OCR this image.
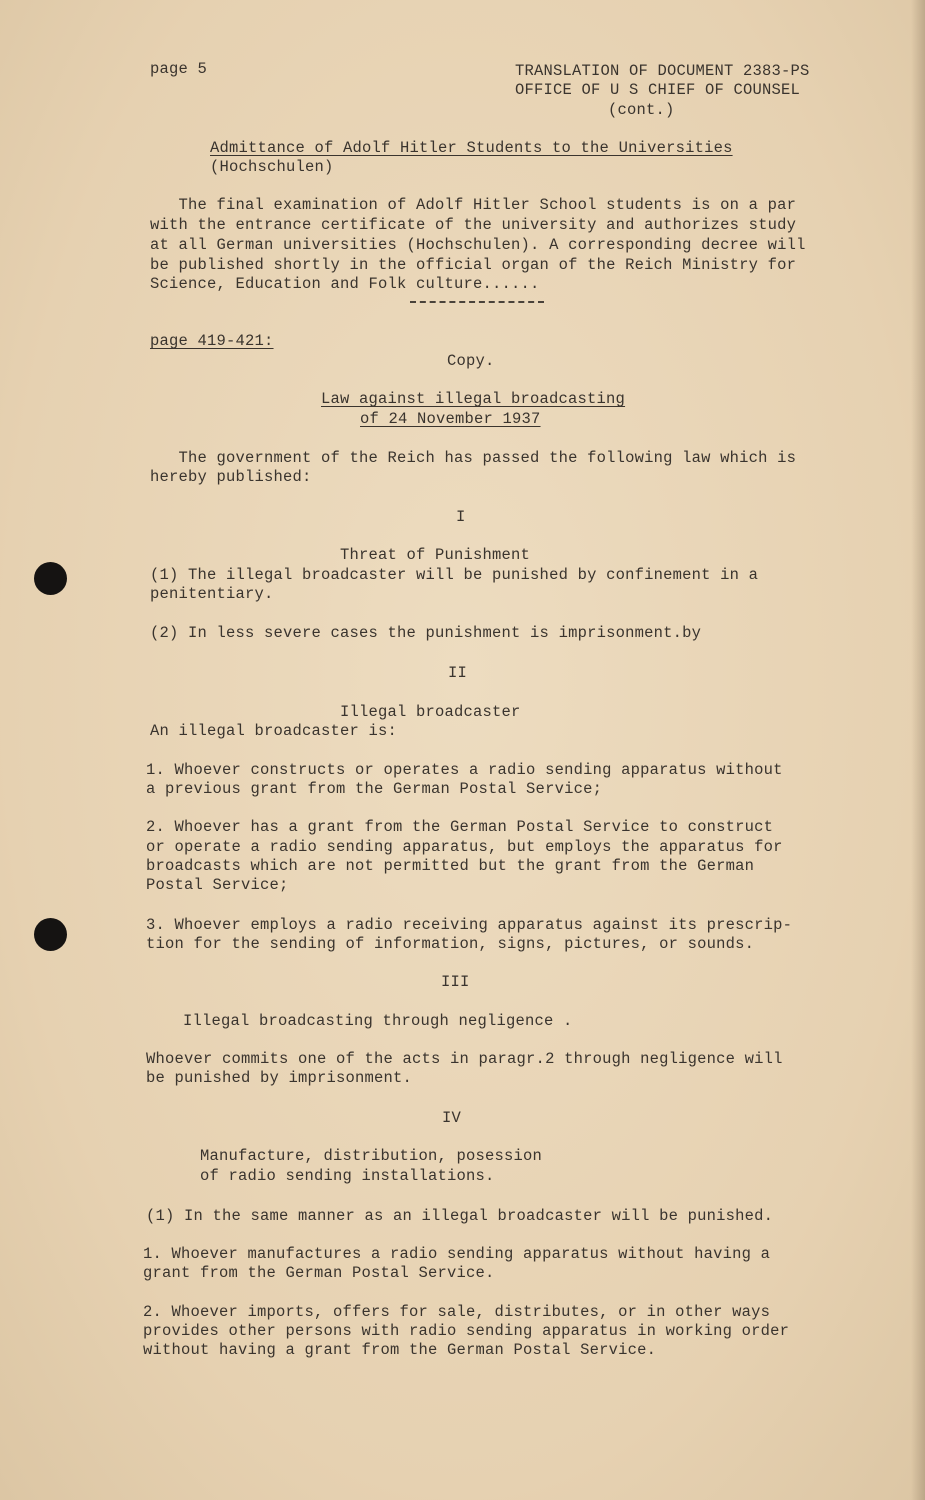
page 5	TRANSLATION OF DOCUMENT 2383-PS
OFFICE OF U S CHIEF OF COUNSEL
(cont.)
Admittance of Adolf Hitler Students to the Universities
(Hochschulen)
The final examination of Adolf Hitler School students is on a par
with the entrance certificate of the university and authorizes study
at all German universities (Hochschulen). A corresponding decree will
be published shortly in the official organ of the Reich Ministry for
Science, Education and Folk culture......
page 419-421:
Copy.
Law against illegal broadcasting
of 24 November 1937
The government of the Reich has passed the following law which is
hereby published:
I
Threat of Punishment
(1) The illegal broadcaster will be punished by confinement in a
penitentiary.
(2) In less severe cases the punishment is imprisonment.by
II
Illegal broadcaster
An illegal broadcaster is:
1. Whoever constructs or operates a radio sending apparatus without
a previous grant from the German Postal Service;
2. Whoever has a grant from the German Postal Service to construct
or operate a radio sending apparatus, but employs the apparatus for
broadcasts which are not permitted but the grant from the German
Postal Service;
3. Whoever employs a radio receiving apparatus against its prescrip-
tion for the sending of information, signs, pictures, or sounds.
III
Illegal broadcasting through negligence .
Whoever commits one of the acts in paragr.2 through negligence will
be punished by imprisonment.
IV
Manufacture, distribution, posession
of radio sending installations.
(1) In the same manner as an illegal broadcaster will be punished.
1. Whoever manufactures a radio sending apparatus without having a
grant from the German Postal Service.
2. Whoever imports, offers for sale, distributes, or in other ways
provides other persons with radio sending apparatus in working order
without having a grant from the German Postal Service.
